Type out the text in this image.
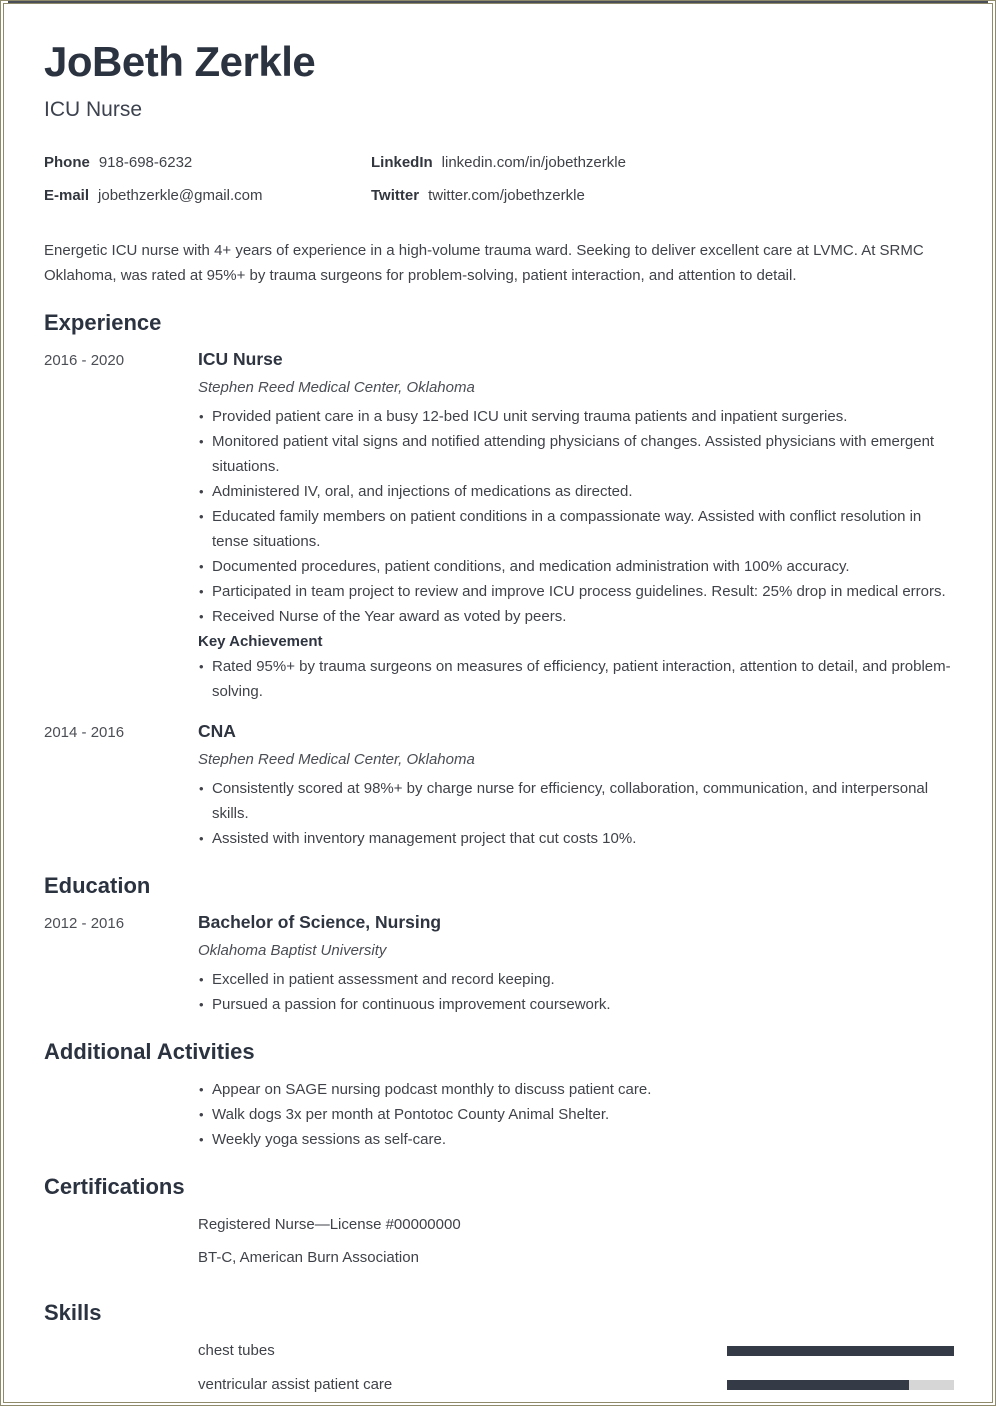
JoBeth Zerkle
ICU Nurse
Phone 918-698-6232	LinkedIn linkedin.com/in/jobethzerkle
E-mail jobethzerkle@gmail.com	Twitter twitter.com/jobethzerkle

Energetic ICU nurse with 4+ years of experience in a high-volume trauma ward. Seeking to deliver excellent care at LVMC. At SRMC Oklahoma, was rated at 95%+ by trauma surgeons for problem-solving, patient interaction, and attention to detail.

Experience
2016 - 2020	ICU Nurse
Stephen Reed Medical Center, Oklahoma
• Provided patient care in a busy 12-bed ICU unit serving trauma patients and inpatient surgeries.
• Monitored patient vital signs and notified attending physicians of changes. Assisted physicians with emergent situations.
• Administered IV, oral, and injections of medications as directed.
• Educated family members on patient conditions in a compassionate way. Assisted with conflict resolution in tense situations.
• Documented procedures, patient conditions, and medication administration with 100% accuracy.
• Participated in team project to review and improve ICU process guidelines. Result: 25% drop in medical errors.
• Received Nurse of the Year award as voted by peers.
Key Achievement
• Rated 95%+ by trauma surgeons on measures of efficiency, patient interaction, attention to detail, and problem-solving.
2014 - 2016	CNA
Stephen Reed Medical Center, Oklahoma
• Consistently scored at 98%+ by charge nurse for efficiency, collaboration, communication, and interpersonal skills.
• Assisted with inventory management project that cut costs 10%.
Education
2012 - 2016	Bachelor of Science, Nursing
Oklahoma Baptist University
• Excelled in patient assessment and record keeping.
• Pursued a passion for continuous improvement coursework.
Additional Activities
• Appear on SAGE nursing podcast monthly to discuss patient care.
• Walk dogs 3x per month at Pontotoc County Animal Shelter.
• Weekly yoga sessions as self-care.
Certifications
Registered Nurse—License #00000000
BT-C, American Burn Association
Skills
chest tubes
ventricular assist patient care
